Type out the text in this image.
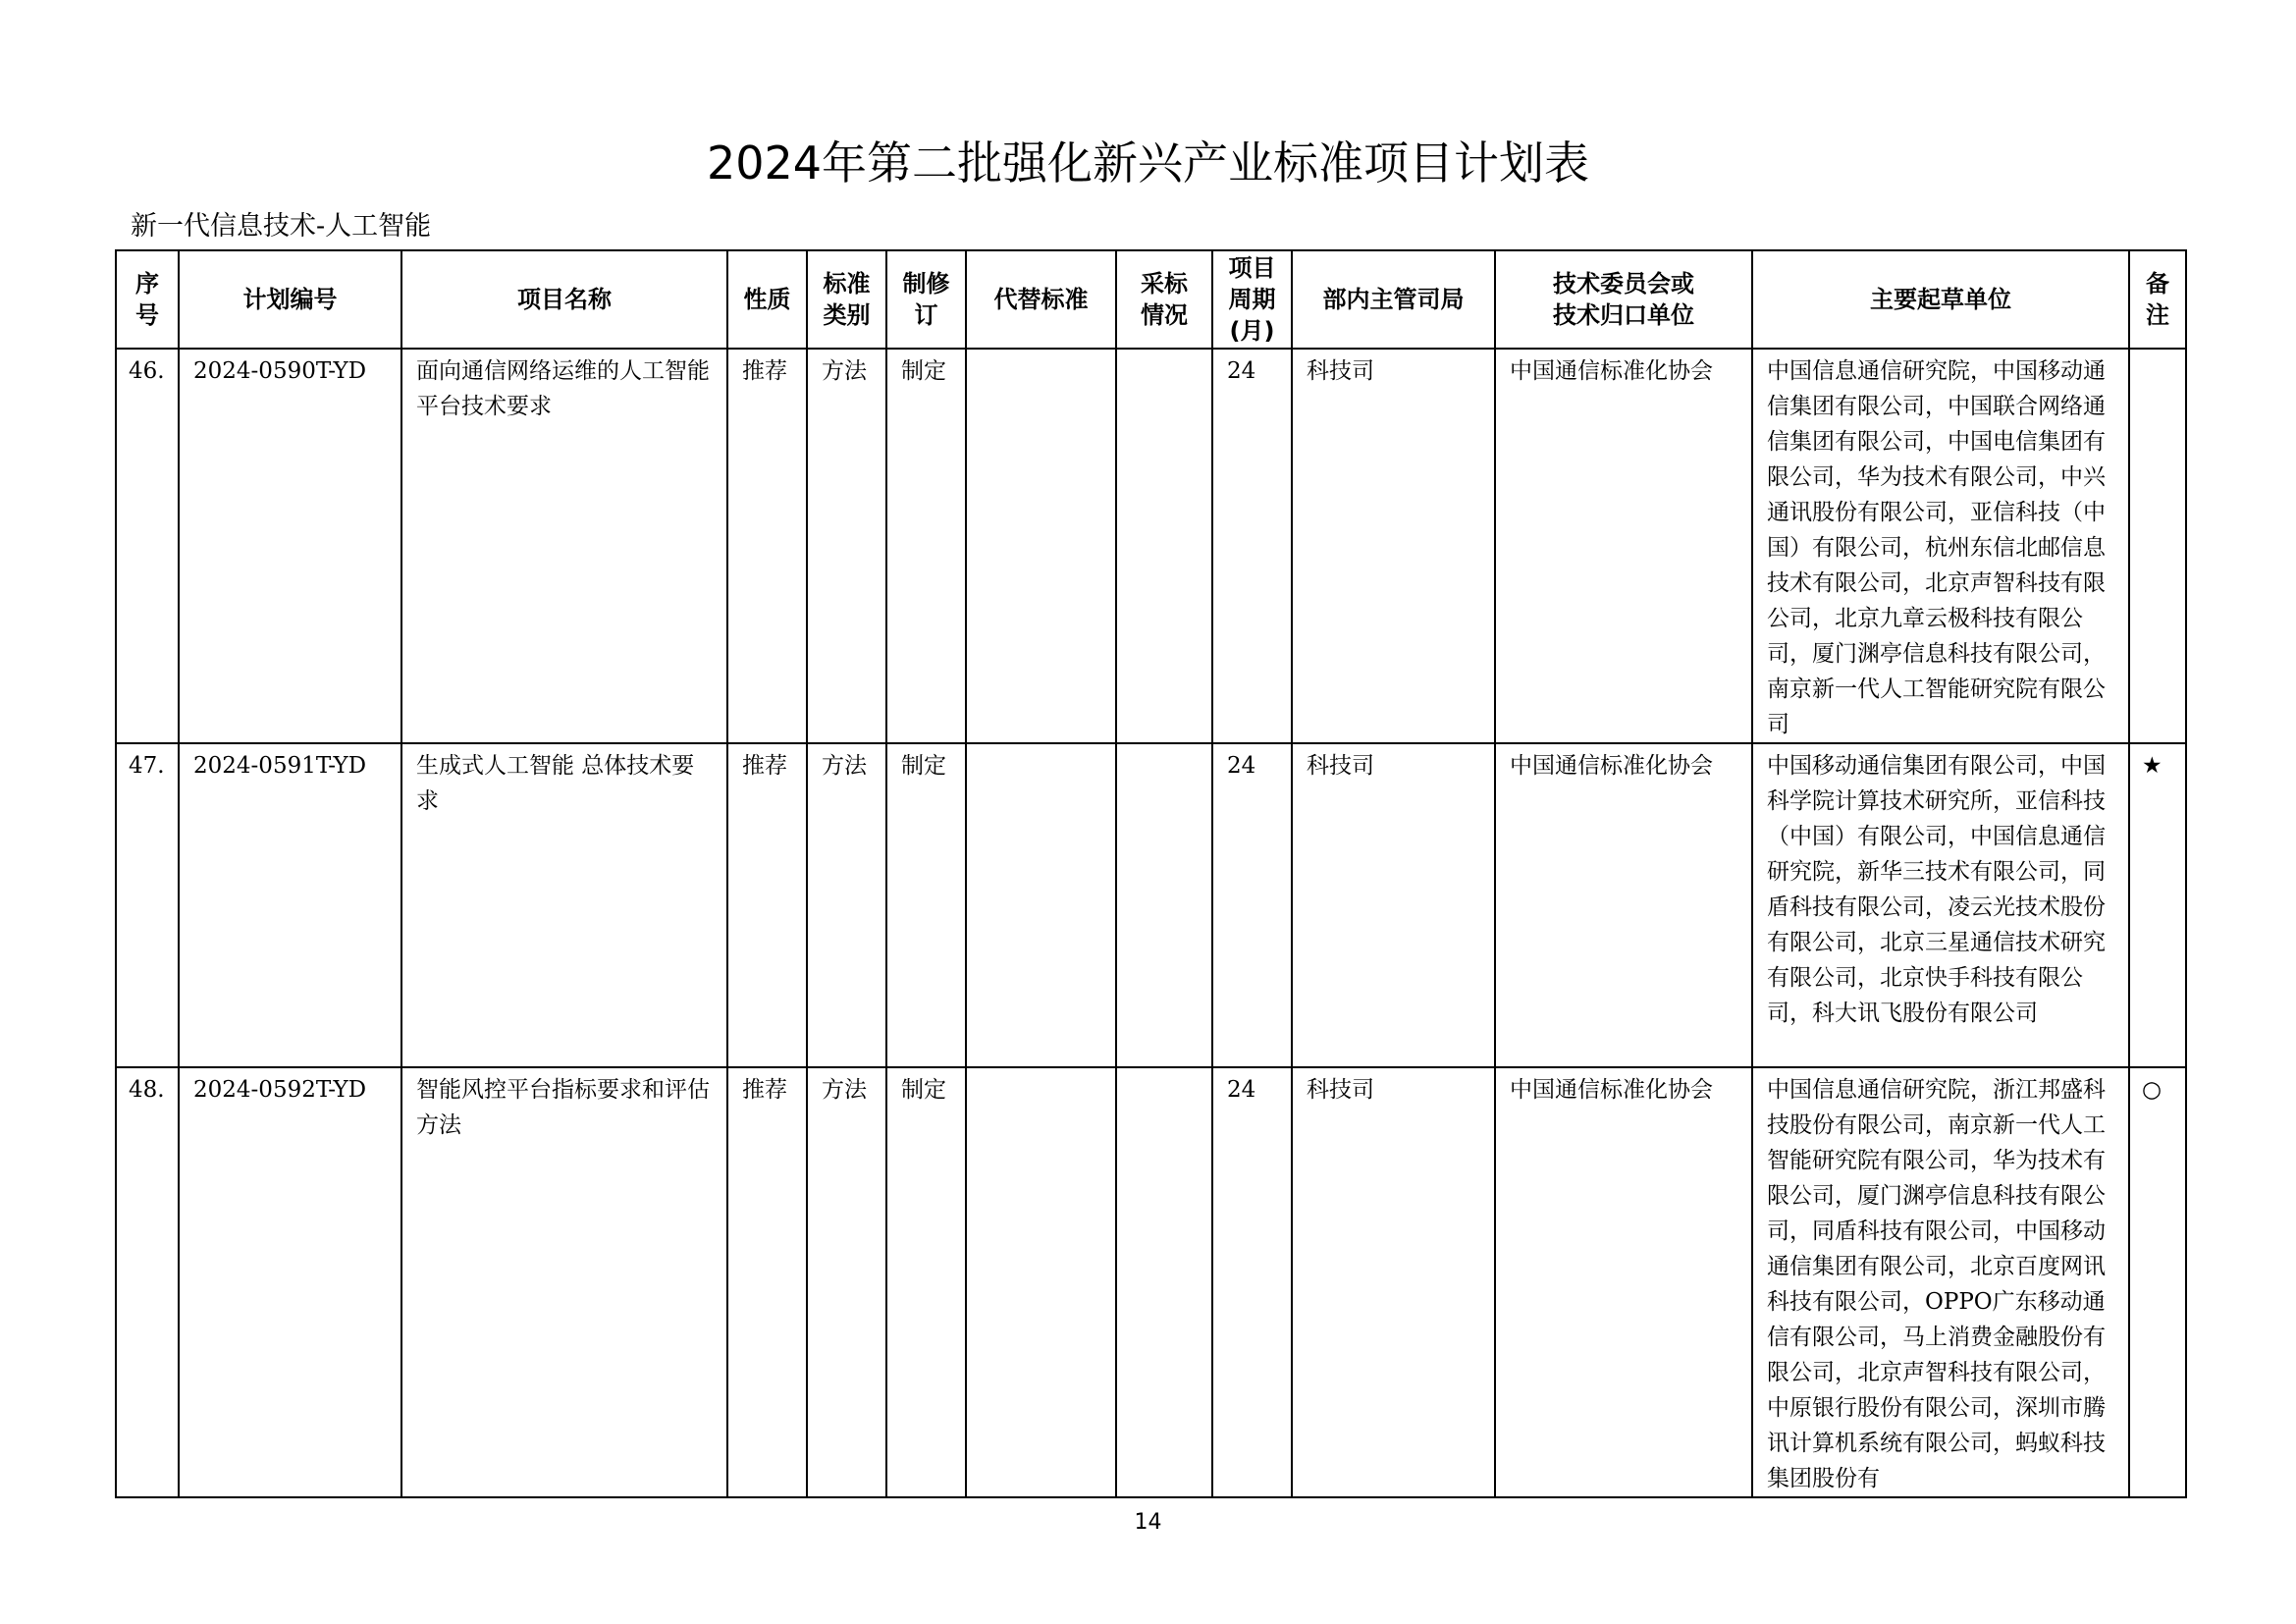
2024年第二批强化新兴产业标准项目计划表
新一代信息技术-人工智能
序号	计划编号	项目名称	性质	标准类别	制修订	代替标准	采标情况	项目周期(月)	部内主管司局	技术委员会或技术归口单位	主要起草单位	备注
46.	2024-0590T-YD	面向通信网络运维的人工智能平台技术要求	推荐	方法	制定			24	科技司	中国通信标准化协会	中国信息通信研究院，中国移动通信集团有限公司，中国联合网络通信集团有限公司，中国电信集团有限公司，华为技术有限公司，中兴通讯股份有限公司，亚信科技（中国）有限公司，杭州东信北邮信息技术有限公司，北京声智科技有限公司，北京九章云极科技有限公司，厦门渊亭信息科技有限公司，南京新一代人工智能研究院有限公司	
47.	2024-0591T-YD	生成式人工智能 总体技术要求	推荐	方法	制定			24	科技司	中国通信标准化协会	中国移动通信集团有限公司，中国科学院计算技术研究所，亚信科技（中国）有限公司，中国信息通信研究院，新华三技术有限公司，同盾科技有限公司，凌云光技术股份有限公司，北京三星通信技术研究有限公司，北京快手科技有限公司，科大讯飞股份有限公司	★
48.	2024-0592T-YD	智能风控平台指标要求和评估方法	推荐	方法	制定			24	科技司	中国通信标准化协会	中国信息通信研究院，浙江邦盛科技股份有限公司，南京新一代人工智能研究院有限公司，华为技术有限公司，厦门渊亭信息科技有限公司，同盾科技有限公司，中国移动通信集团有限公司，北京百度网讯科技有限公司，OPPO广东移动通信有限公司，马上消费金融股份有限公司，北京声智科技有限公司，中原银行股份有限公司，深圳市腾讯计算机系统有限公司，蚂蚁科技集团股份有	○
14
